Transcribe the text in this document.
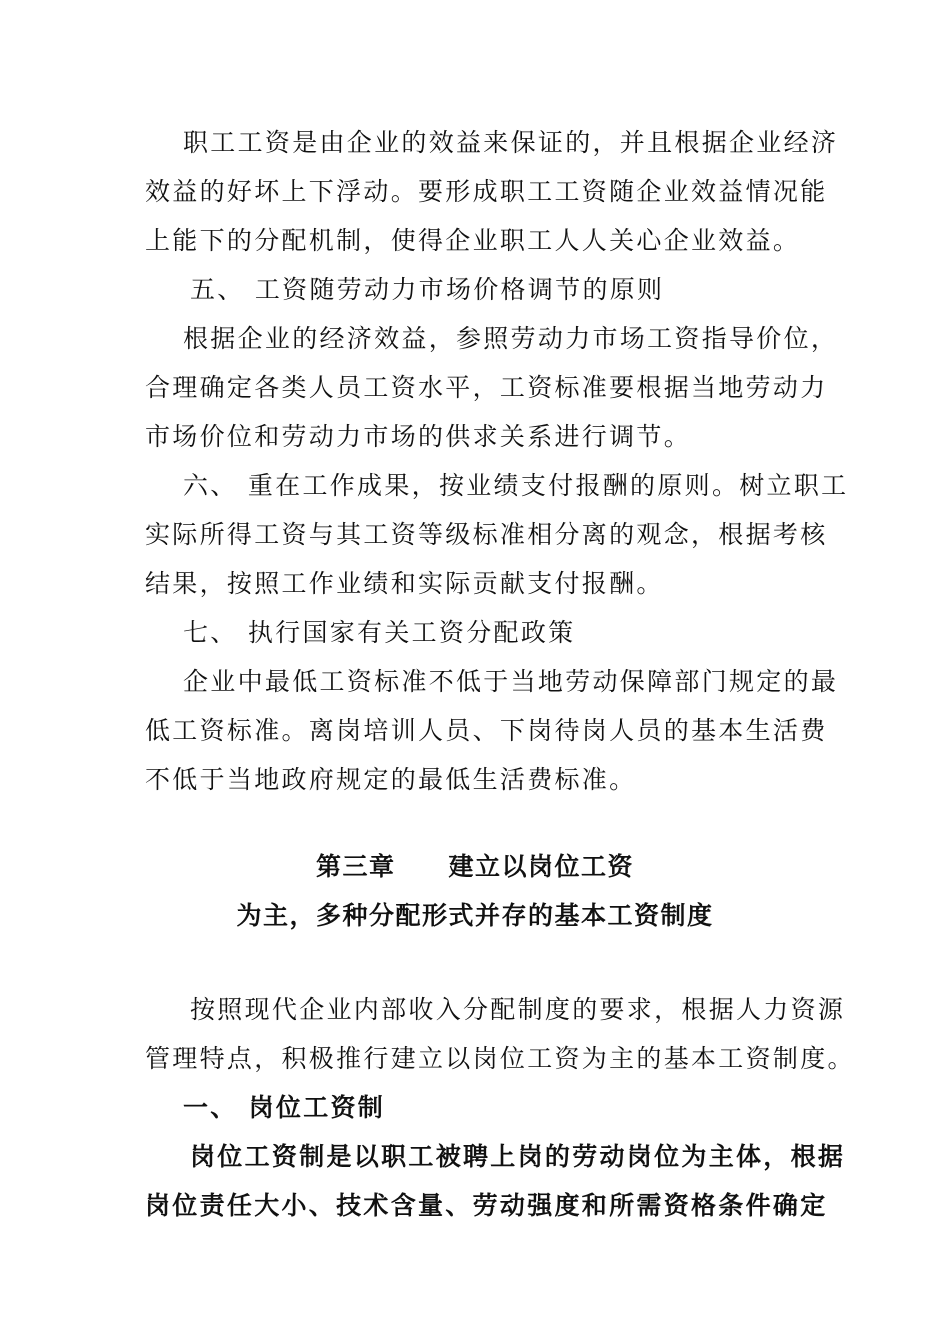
职工工资是由企业的效益来保证的，并且根据企业经济
效益的好坏上下浮动。要形成职工工资随企业效益情况能
上能下的分配机制，使得企业职工人人关心企业效益。
五、 工资随劳动力市场价格调节的原则
根据企业的经济效益，参照劳动力市场工资指导价位，
合理确定各类人员工资水平，工资标准要根据当地劳动力
市场价位和劳动力市场的供求关系进行调节。
六、 重在工作成果，按业绩支付报酬的原则。树立职工
实际所得工资与其工资等级标准相分离的观念，根据考核
结果，按照工作业绩和实际贡献支付报酬。
七、 执行国家有关工资分配政策
企业中最低工资标准不低于当地劳动保障部门规定的最
低工资标准。离岗培训人员、下岗待岗人员的基本生活费
不低于当地政府规定的最低生活费标准。
第三章　　建立以岗位工资
为主，多种分配形式并存的基本工资制度
按照现代企业内部收入分配制度的要求，根据人力资源
管理特点，积极推行建立以岗位工资为主的基本工资制度。
一、 岗位工资制
岗位工资制是以职工被聘上岗的劳动岗位为主体，根据
岗位责任大小、技术含量、劳动强度和所需资格条件确定
